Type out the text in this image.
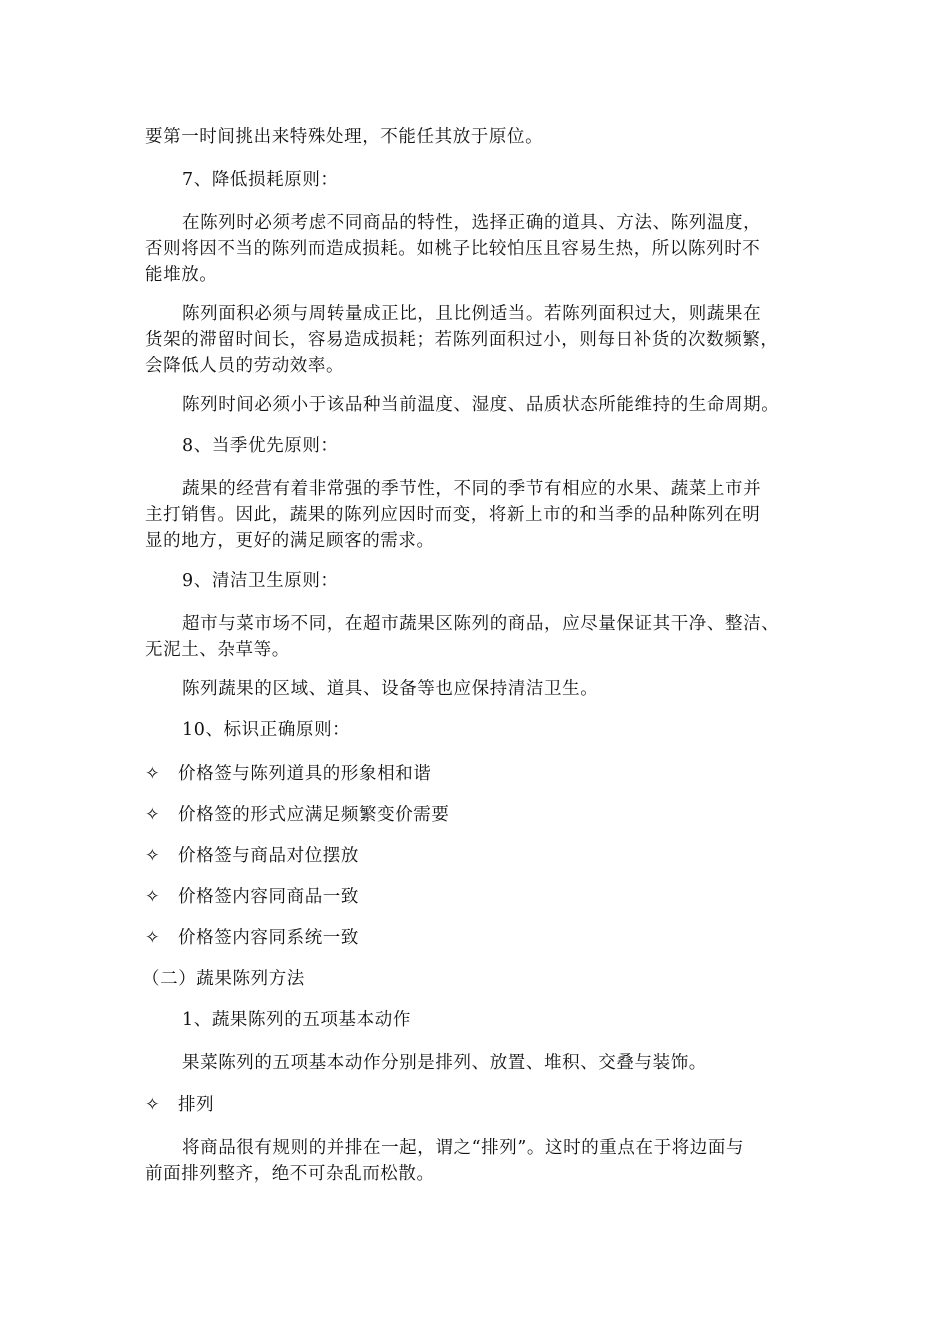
要第一时间挑出来特殊处理，不能任其放于原位。
7、降低损耗原则：
在陈列时必须考虑不同商品的特性，选择正确的道具、方法、陈列温度，
否则将因不当的陈列而造成损耗。如桃子比较怕压且容易生热，所以陈列时不
能堆放。
陈列面积必须与周转量成正比，且比例适当。若陈列面积过大，则蔬果在
货架的滞留时间长，容易造成损耗；若陈列面积过小，则每日补货的次数频繁，
会降低人员的劳动效率。
陈列时间必须小于该品种当前温度、湿度、品质状态所能维持的生命周期。
8、当季优先原则：
蔬果的经营有着非常强的季节性，不同的季节有相应的水果、蔬菜上市并
主打销售。因此，蔬果的陈列应因时而变，将新上市的和当季的品种陈列在明
显的地方，更好的满足顾客的需求。
9、清洁卫生原则：
超市与菜市场不同，在超市蔬果区陈列的商品，应尽量保证其干净、整洁、
无泥土、杂草等。
陈列蔬果的区域、道具、设备等也应保持清洁卫生。
10、标识正确原则：
✧ 价格签与陈列道具的形象相和谐
✧ 价格签的形式应满足频繁变价需要
✧ 价格签与商品对位摆放
✧ 价格签内容同商品一致
✧ 价格签内容同系统一致
（二）蔬果陈列方法
1、蔬果陈列的五项基本动作
果菜陈列的五项基本动作分别是排列、放置、堆积、交叠与装饰。
✧ 排列
将商品很有规则的并排在一起，谓之“排列”。这时的重点在于将边面与
前面排列整齐，绝不可杂乱而松散。
